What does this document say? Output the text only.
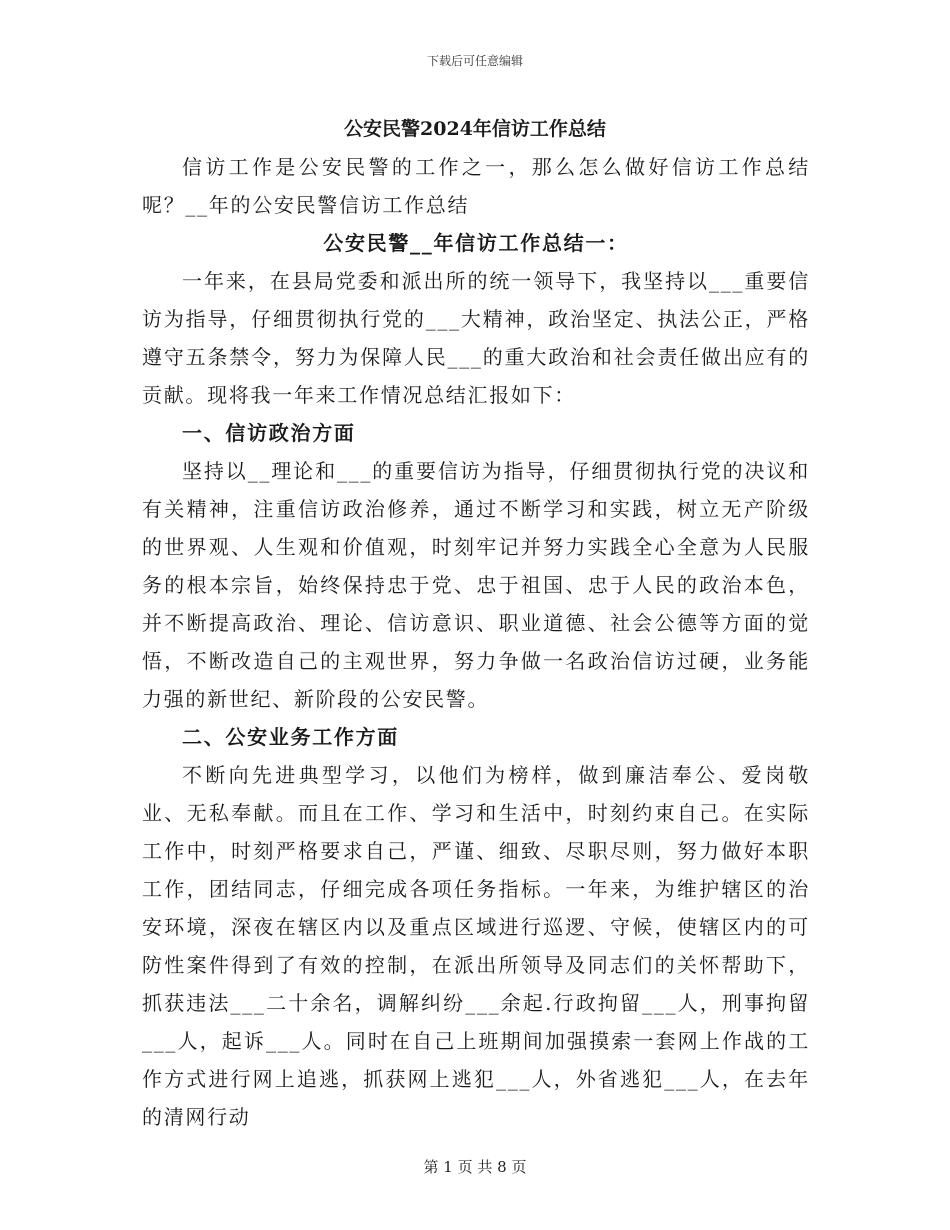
下载后可任意编辑
公安民警2024年信访工作总结

信访工作是公安民警的工作之一，那么怎么做好信访工作总结呢？__年的公安民警信访工作总结

公安民警__年信访工作总结一：

一年来，在县局党委和派出所的统一领导下，我坚持以___重要信访为指导，仔细贯彻执行党的___大精神，政治坚定、执法公正，严格遵守五条禁令，努力为保障人民___的重大政治和社会责任做出应有的贡献。现将我一年来工作情况总结汇报如下：

一、信访政治方面

坚持以__理论和___的重要信访为指导，仔细贯彻执行党的决议和有关精神，注重信访政治修养，通过不断学习和实践，树立无产阶级的世界观、人生观和价值观，时刻牢记并努力实践全心全意为人民服务的根本宗旨，始终保持忠于党、忠于祖国、忠于人民的政治本色，并不断提高政治、理论、信访意识、职业道德、社会公德等方面的觉悟，不断改造自己的主观世界，努力争做一名政治信访过硬，业务能力强的新世纪、新阶段的公安民警。

二、公安业务工作方面

不断向先进典型学习，以他们为榜样，做到廉洁奉公、爱岗敬业、无私奉献。而且在工作、学习和生活中，时刻约束自己。在实际工作中，时刻严格要求自己，严谨、细致、尽职尽则，努力做好本职工作，团结同志，仔细完成各项任务指标。一年来，为维护辖区的治安环境，深夜在辖区内以及重点区域进行巡逻、守候，使辖区内的可防性案件得到了有效的控制，在派出所领导及同志们的关怀帮助下，抓获违法___二十余名，调解纠纷___余起.行政拘留___人，刑事拘留___人，起诉___人。同时在自己上班期间加强摸索一套网上作战的工作方式进行网上追逃，抓获网上逃犯___人，外省逃犯___人，在去年的清网行动

第 1 页 共 8 页
